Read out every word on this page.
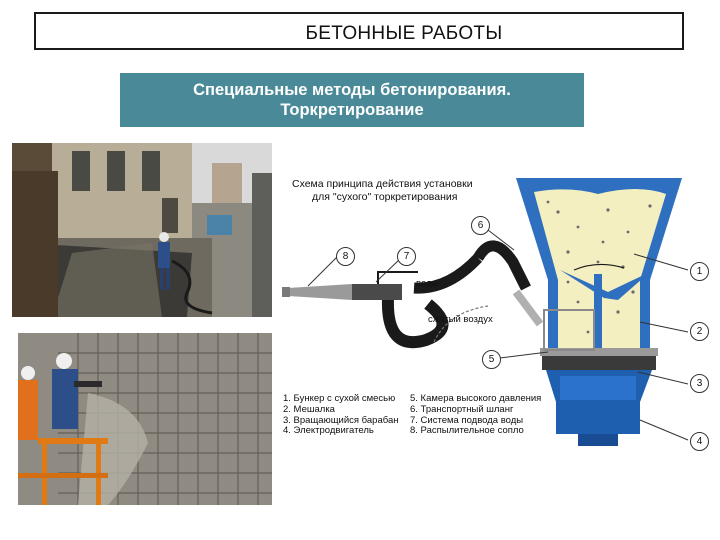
БЕТОННЫЕ РАБОТЫ
Специальные методы бетонирования.
Торкретирование
Схема принципа действия установки
для "сухого" торкретирования
вода
сжатый воздух
1
2
3
4
5
6
7
8
1. Бункер с сухой смесью
2. Мешалка
3. Вращающийся барабан
4. Электродвигатель
5. Камера высокого давления
6. Транспортный шланг
7. Система подвода воды
8. Распылительное сопло
